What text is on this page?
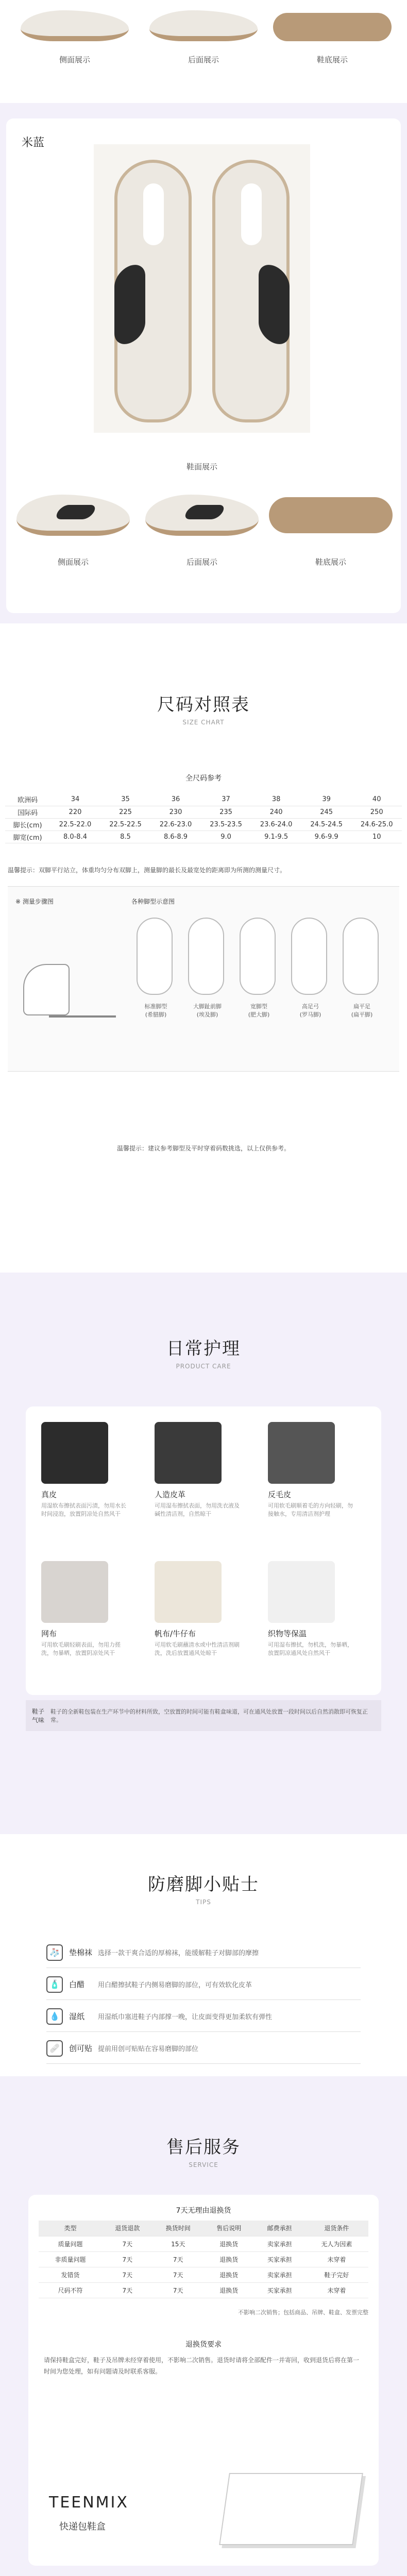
侧面展示	后面展示	鞋底展示
米蓝
鞋面展示
侧面展示	后面展示	鞋底展示
尺码对照表
SIZE CHART
全尺码参考
欧洲码	34	35	36	37	38	39	40
国际码	220	225	230	235	240	245	250
脚长(cm)	22.5-22.0	22.5-22.5	22.6-23.0	23.5-23.5	23.6-24.0	24.5-24.5	24.6-25.0
脚宽(cm)	8.0-8.4	8.5	8.6-8.9	9.0	9.1-9.5	9.6-9.9	10
温馨提示：双脚平行站立，体重均匀分布双脚上，测量脚的最长及最宽处的距离即为所测的测量尺寸。
※ 测量步骤图	各种脚型示意图
标准脚型
(希腊脚)
大脚趾前脚
(埃及脚)
宽脚型
(肥大脚)
高足弓
(罗马脚)
扁平足
(扁平脚)
温馨提示：建议参考脚型及平时穿着码数挑选，以上仅供参考。
日常护理
PRODUCT CARE
真皮
用湿软布擦拭表面污渍，勿用水长时间浸泡，放置阴凉处自然风干
人造皮革
可用湿布擦拭表面，勿用洗衣液及碱性清洁剂，自然晾干
反毛皮
可用软毛刷顺着毛的方向轻刷，勿接触水，专用清洁剂护理
网布
可用软毛刷轻刷表面，勿用力搓洗，勿暴晒，放置阴凉处风干
帆布/牛仔布
可用软毛刷蘸清水或中性清洁剂刷洗，洗后放置通风处晾干
织物等保温
可用湿布擦拭，勿机洗，勿暴晒，放置阴凉通风处自然风干
鞋子
气味
鞋子的全新鞋包装在生产环节中的材料所致，空放置的时间可能有鞋盒味道，可在通风处放置一段时间以后自然消散即可恢复正常。
防磨脚小贴士
TIPS
🧦	垫棉袜 选择一款干爽合适的厚棉袜，能缓解鞋子对脚部的摩擦
🧴	白醋	用白醋擦拭鞋子内侧易磨脚的部位，可有效软化皮革
💧	湿纸	用湿纸巾塞进鞋子内部撑一晚，让皮面变得更加柔软有弹性
🩹	创可贴 提前用创可贴贴在容易磨脚的部位
售后服务
SERVICE
7天无理由退换货
类型	退货退款	换货时间	售后说明	邮费承担	退货条件
质量问题	7天	15天	退换货	卖家承担	无人为因素
非质量问题	7天	7天	退换货	买家承担	未穿着
发错货	7天	7天	退换货	卖家承担	鞋子完好
尺码不符	7天	7天	退换货	买家承担	未穿着
不影响二次销售；包括商品、吊牌、鞋盒、发票完整
退换货要求
请保持鞋盒完好，鞋子及吊牌未经穿着使用，不影响二次销售。退货时请将全部配件一并寄回，收到退货后将在第一时间为您处理，如有问题请及时联系客服。
TEENMIX
快递包鞋盒
